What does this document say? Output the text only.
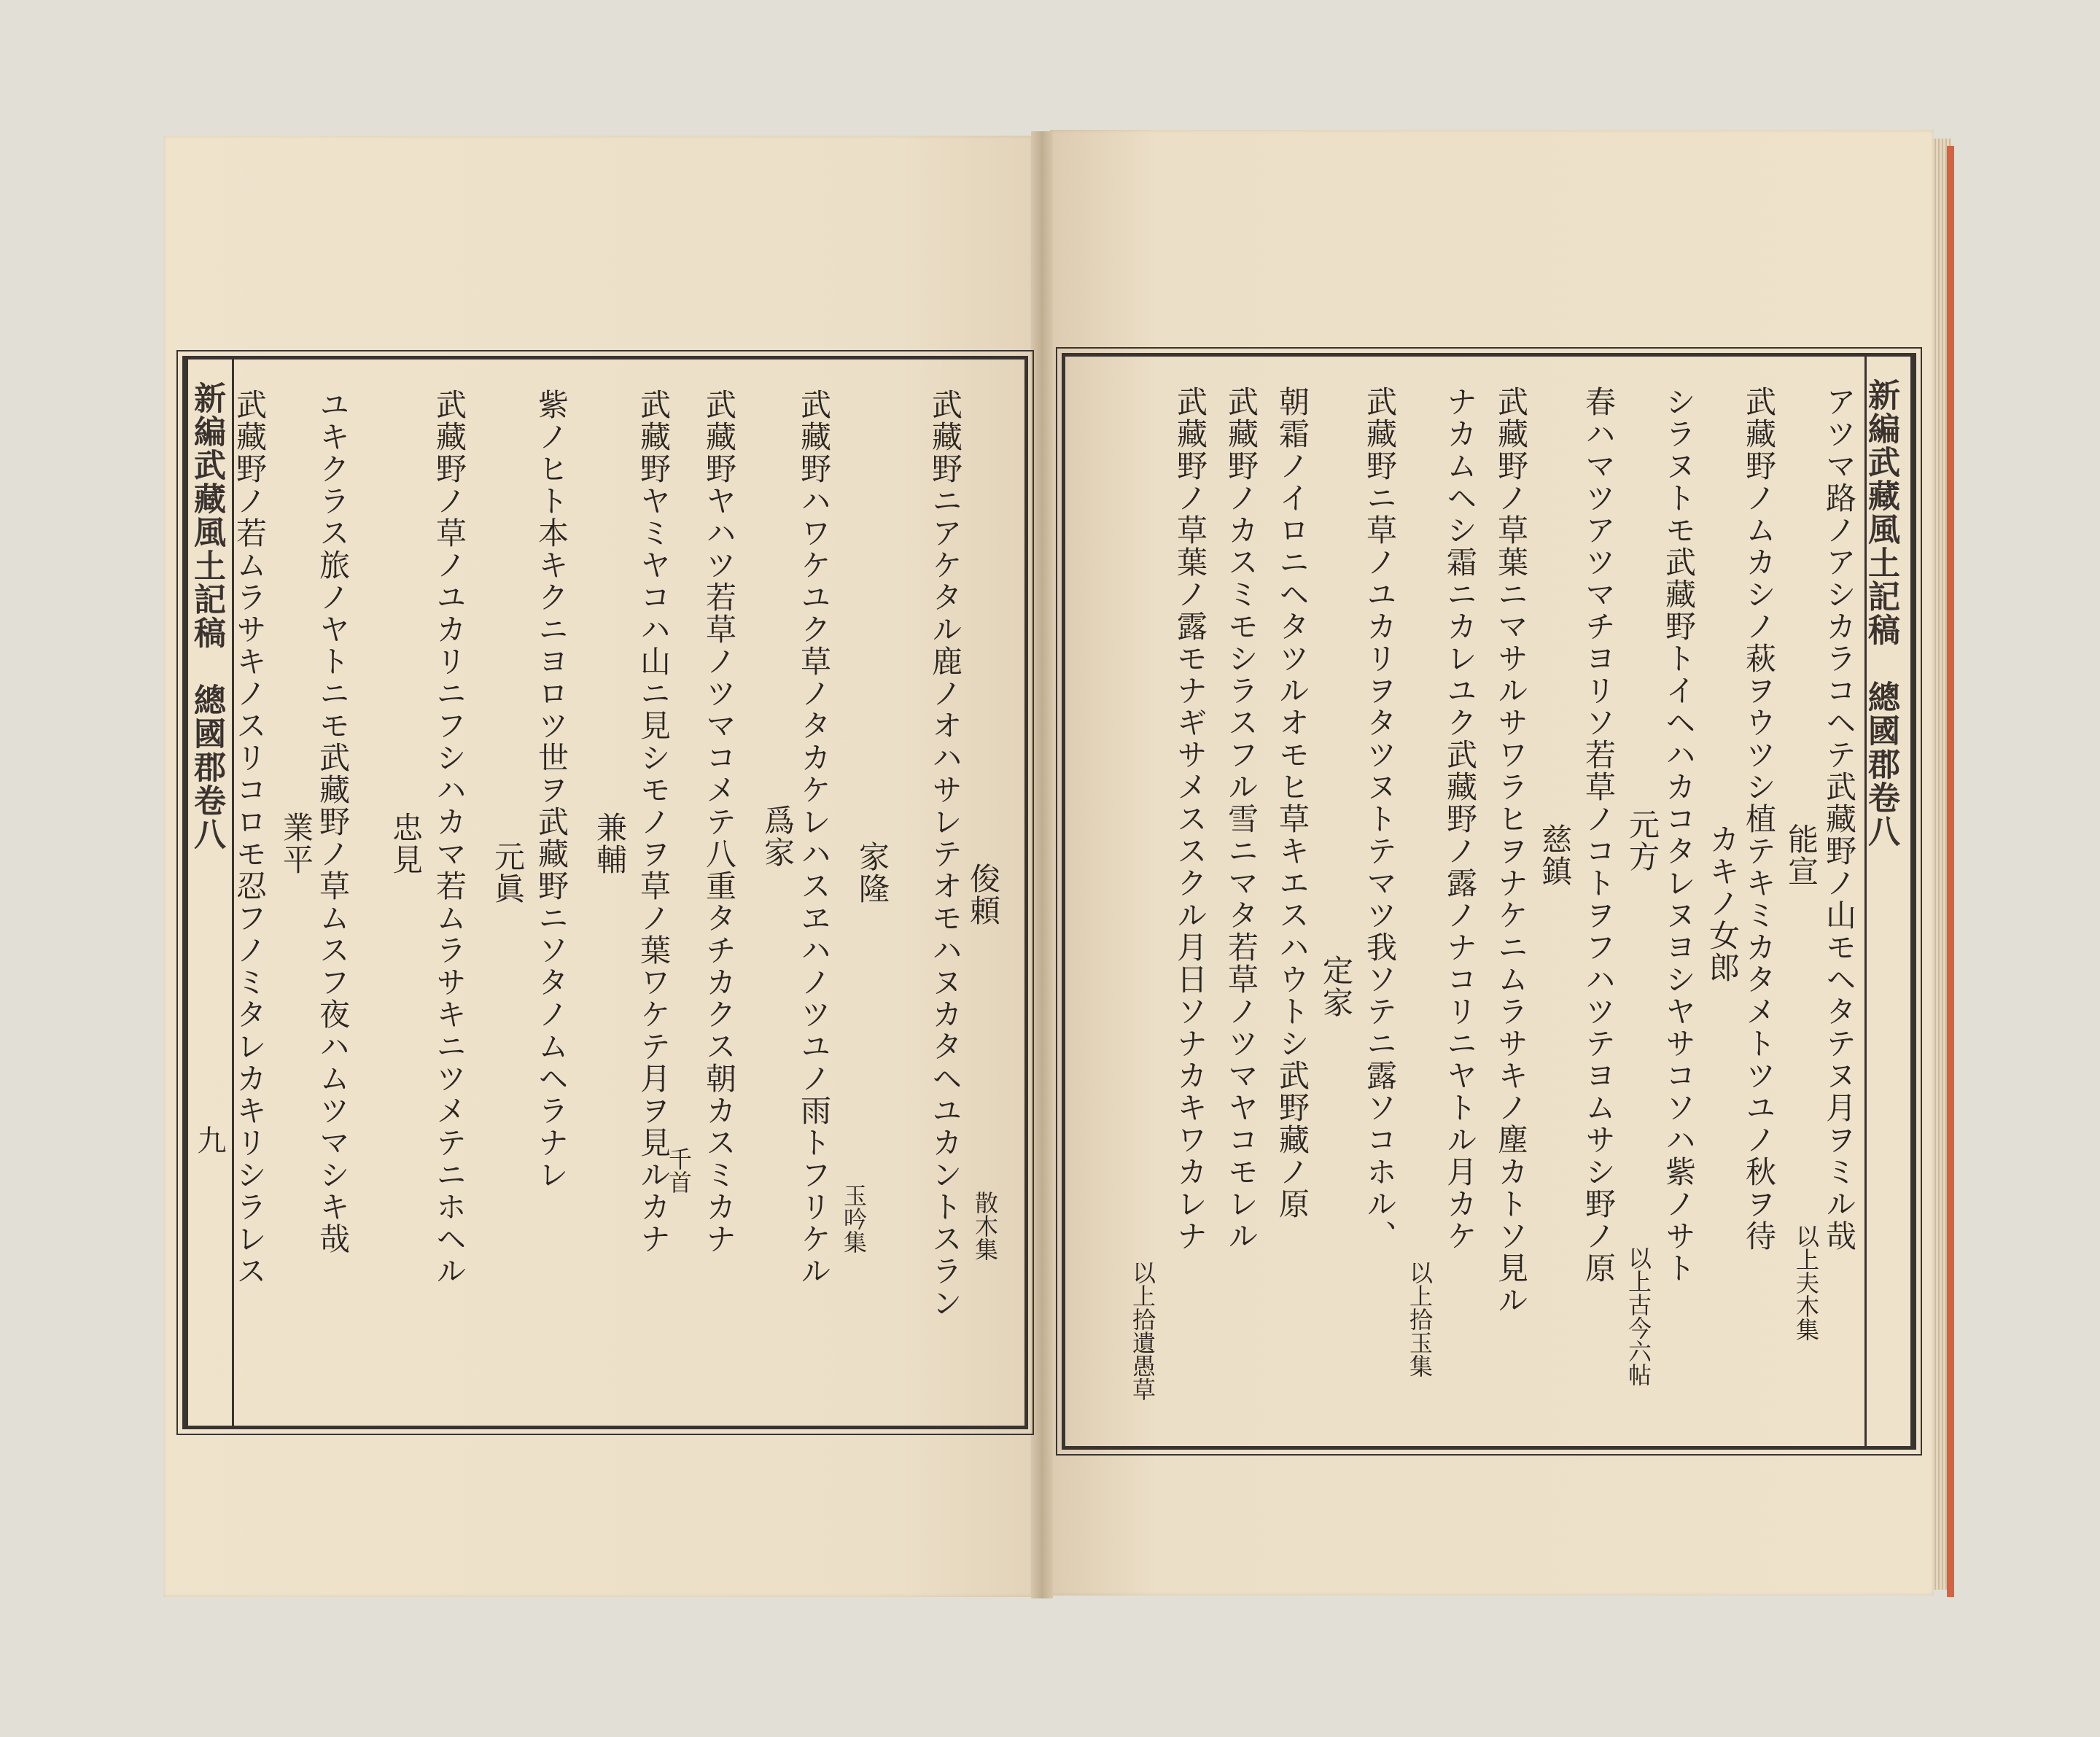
新編武藏風土記稿　總國郡卷八
九	武藏野ニアケタル鹿ノオハサレテオモハヌカタヘユカントスラン 俊頼
散木集
武藏野ハワケユク草ノタカケレハスヱハノツユノ雨トフリケル 家隆
玉吟集
武藏野ヤハツ若草ノツマコメテ八重タチカクス朝カスミカナ 爲家
千首
武藏野ヤミヤコハ山ニ見シモノヲ草ノ葉ワケテ月ヲ見ルカナ
兼輔
紫ノヒト本キクニヨロツ世ヲ武藏野ニソタノムヘラナレ
元眞
武藏野ノ草ノユカリニフシハカマ若ムラサキニツメテニホヘル
忠見
ユキクラス旅ノヤトニモ武藏野ノ草ムスフ夜ハムツマシキ哉
業平
武藏野ノ若ムラサキノスリコロモ忍フノミタレカキリシラレス	新編武藏風土記稿　總國郡卷八
アツマ路ノアシカラコヘテ武藏野ノ山モヘタテヌ月ヲミル哉
能宣
以上夫木集
武藏野ノムカシノ萩ヲウツシ植テキミカタメトツユノ秋ヲ待
カキノ女郎
シラヌトモ武藏野トイヘハカコタレヌヨシヤサコソハ紫ノサト
元方
以上古今六帖
春ハマツアツマチヨリソ若草ノコトヲフハツテヨムサシ野ノ原
慈鎮
武藏野ノ草葉ニマサルサワラヒヲナケニムラサキノ塵カトソ見ル
ナカムヘシ霜ニカレユク武藏野ノ露ノナコリニヤトル月カケ
以上拾玉集
武藏野ニ草ノユカリヲタツヌトテマツ我ソテニ露ソコホル、
定家
朝霜ノイロニヘタツルオモヒ草キエスハウトシ武野藏ノ原
武藏野ノカスミモシラスフル雪ニマタ若草ノツマヤコモレル
武藏野ノ草葉ノ露モナギサメススクル月日ソナカキワカレナ
以上拾遺愚草
